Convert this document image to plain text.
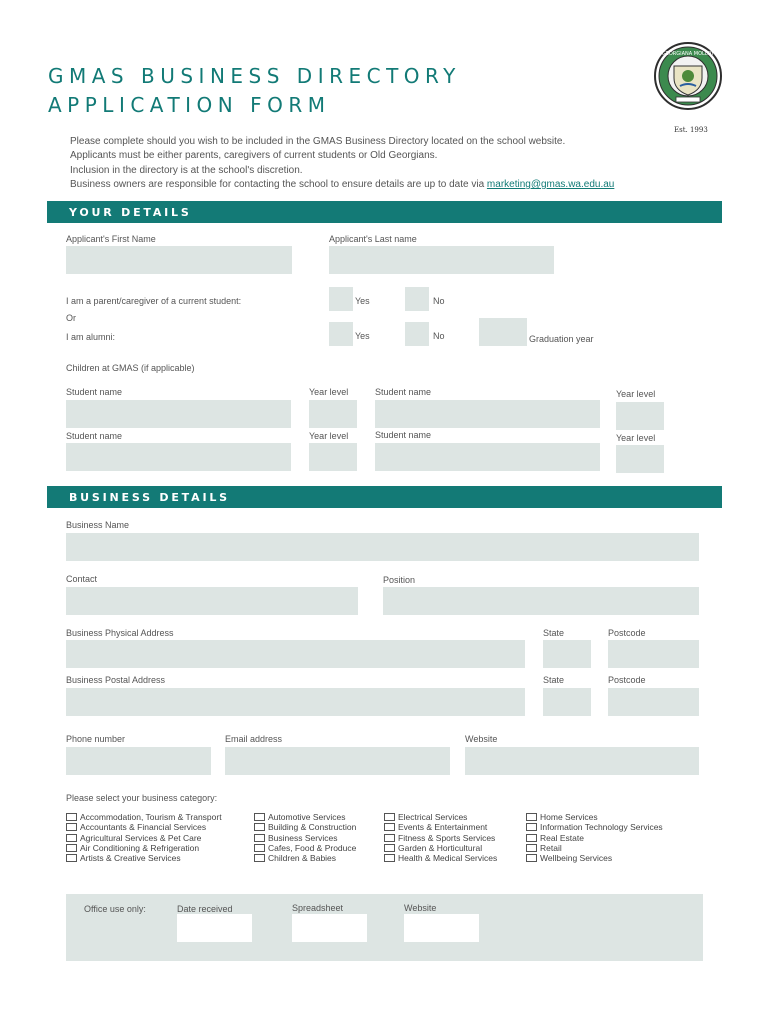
GMAS BUSINESS DIRECTORY
APPLICATION FORM
GEORGIANA MOLLOY
Est. 1993
Please complete should you wish to be included in the GMAS Business Directory located on the school website.
Applicants must be either parents, caregivers of current students or Old Georgians.
Inclusion in the directory is at the school's discretion.
Business owners are responsible for contacting the school to ensure details are up to date via marketing@gmas.wa.edu.au
YOUR DETAILS
Applicant's First Name	Applicant's Last name
I am a parent/caregiver of a current student:	Yes	No
Or
I am alumni:	Yes	No	Graduation year
Children at GMAS (if applicable)
Student name	Year level	Student name	Year level
Student name	Year level	Student name	Year level
BUSINESS DETAILS
Business Name
Contact	Position
Business Physical Address	State	Postcode
Business Postal Address	State	Postcode
Phone number	Email address	Website
Please select your business category:
Accommodation, Tourism & Transport
Accountants & Financial Services
Agricultural Services & Pet Care
Air Conditioning & Refrigeration
Artists & Creative Services
Automotive Services
Building & Construction
Business Services
Cafes, Food & Produce
Children & Babies
Electrical Services
Events & Entertainment
Fitness & Sports Services
Garden & Horticultural
Health & Medical Services
Home Services
Information Technology Services
Real Estate
Retail
Wellbeing Services
Office use only:	Date received	Spreadsheet	Website
